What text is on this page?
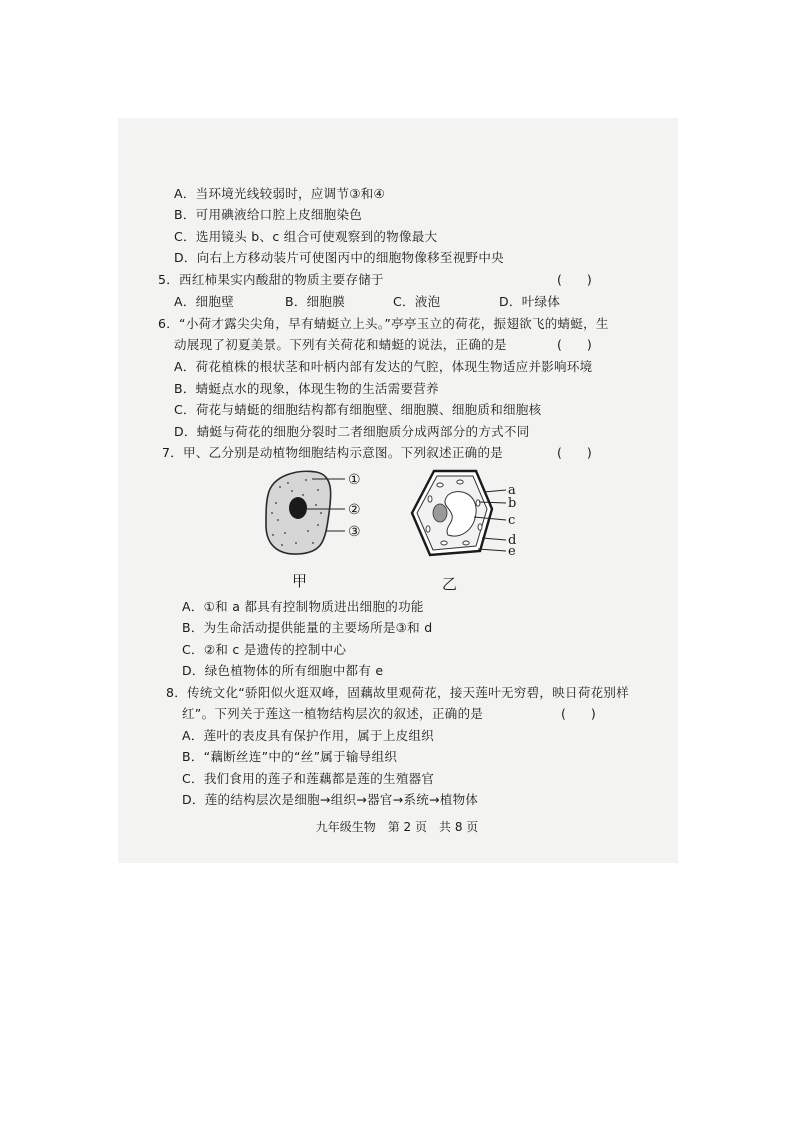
A．当环境光线较弱时，应调节③和④
B．可用碘液给口腔上皮细胞染色
C．选用镜头 b、c 组合可使观察到的物像最大
D．向右上方移动装片可使图丙中的细胞物像移至视野中央
5．西红柿果实内酸甜的物质主要存储于	(　　)
A．细胞壁	B．细胞膜	C．液泡	D．叶绿体
6．“小荷才露尖尖角，早有蜻蜓立上头。”亭亭玉立的荷花，振翅欲飞的蜻蜓，生
动展现了初夏美景。下列有关荷花和蜻蜓的说法，正确的是	(　　)
A．荷花植株的根状茎和叶柄内部有发达的气腔，体现生物适应并影响环境
B．蜻蜓点水的现象，体现生物的生活需要营养
C．荷花与蜻蜓的细胞结构都有细胞壁、细胞膜、细胞质和细胞核
D．蜻蜓与荷花的细胞分裂时二者细胞质分成两部分的方式不同
7．甲、乙分别是动植物细胞结构示意图。下列叙述正确的是	(　　)
①
②
③
甲
a
b
c
d
e
乙
A．①和 a 都具有控制物质进出细胞的功能
B．为生命活动提供能量的主要场所是③和 d
C．②和 c 是遗传的控制中心
D．绿色植物体的所有细胞中都有 e
8．传统文化“骄阳似火逛双峰，固藕故里观荷花，接天莲叶无穷碧，映日荷花别样
红”。下列关于莲这一植物结构层次的叙述，正确的是	(　　)
A．莲叶的表皮具有保护作用，属于上皮组织
B．“藕断丝连”中的“丝”属于输导组织
C．我们食用的莲子和莲藕都是莲的生殖器官
D．莲的结构层次是细胞→组织→器官→系统→植物体
九年级生物　第 2 页　共 8 页
